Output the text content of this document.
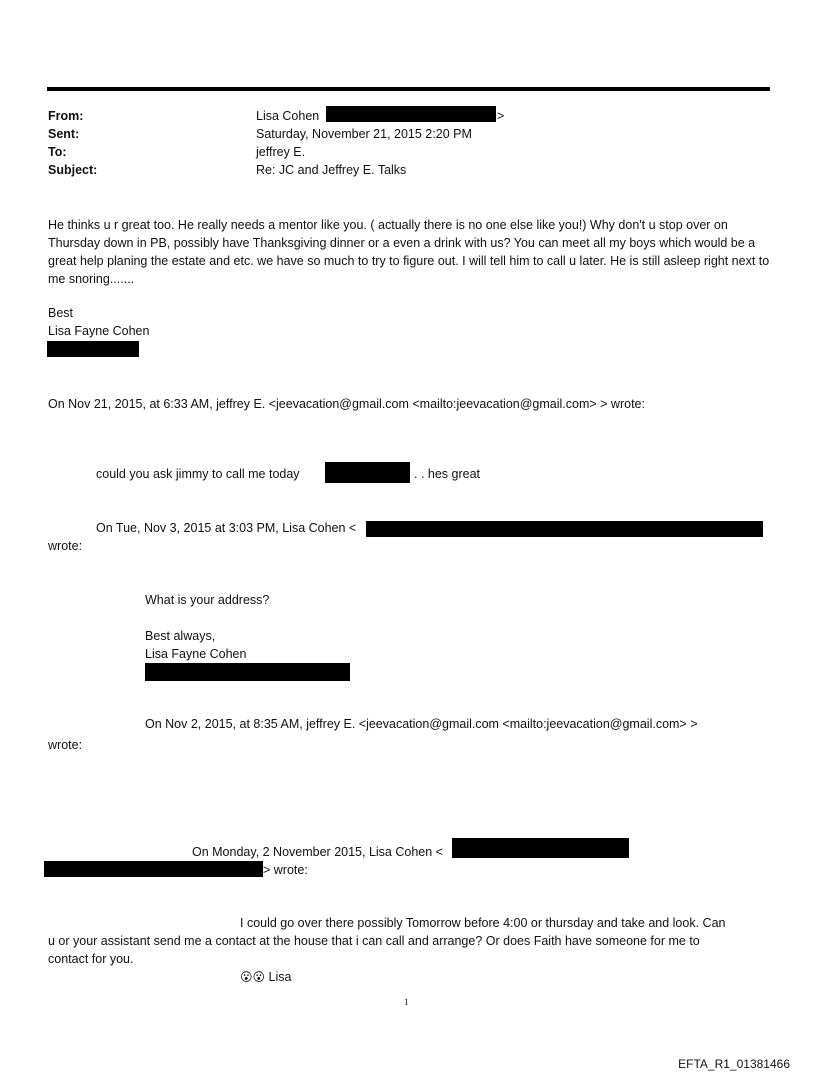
From:
Sent:
To:
Subject:
Lisa Cohen	>
Saturday, November 21, 2015 2:20 PM
jeffrey E.
Re: JC and Jeffrey E. Talks
He thinks u r great too. He really needs a mentor like you. ( actually there is no one else like you!) Why don't u stop over on Thursday down in PB, possibly have Thanksgiving dinner or a even a drink with us? You can meet all my boys which would be a great help planing the estate and etc. we have so much to try to figure out. I will tell him to call u later. He is still asleep right next to me snoring.......
Best
Lisa Fayne Cohen
On Nov 21, 2015, at 6:33 AM, jeffrey E. <jeevacation@gmail.com <mailto:jeevacation@gmail.com> > wrote:
could you ask jimmy to call me today	. . hes great
On Tue, Nov 3, 2015 at 3:03 PM, Lisa Cohen <
wrote:
What is your address?
Best always,
Lisa Fayne Cohen
On Nov 2, 2015, at 8:35 AM, jeffrey E. <jeevacation@gmail.com <mailto:jeevacation@gmail.com> >
wrote:
On Monday, 2 November 2015, Lisa Cohen <
> wrote:
I could go over there possibly Tomorrow before 4:00 or thursday and take and look. Can
u or your assistant send me a contact at the house that i can call and arrange? Or does Faith have someone for me to
contact for you.
😮😮 Lisa
1
EFTA_R1_01381466
